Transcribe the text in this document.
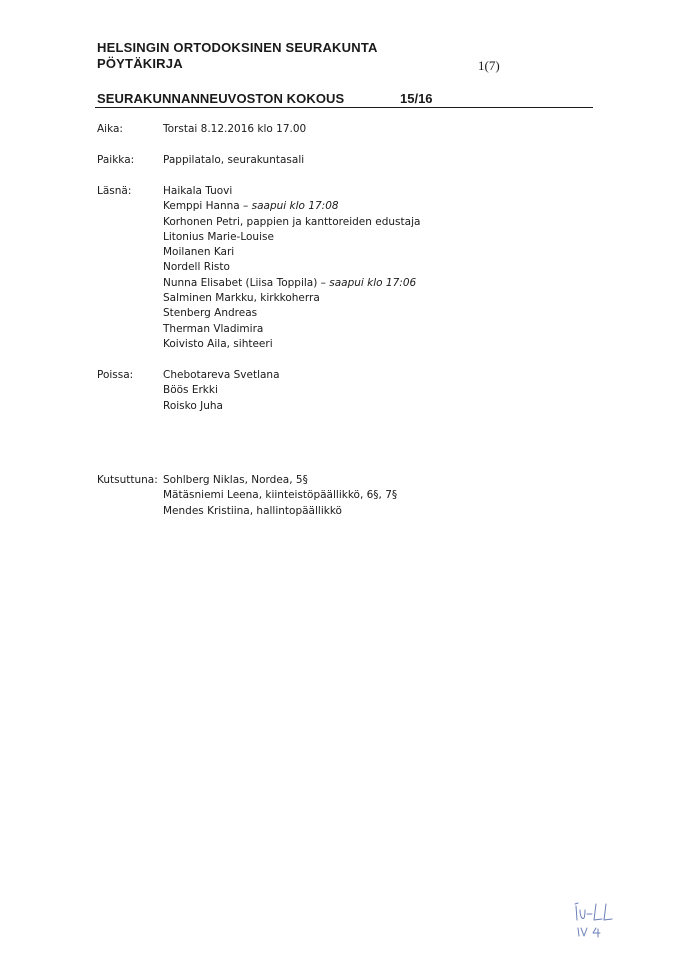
HELSINGIN ORTODOKSINEN SEURAKUNTA
PÖYTÄKIRJA	1(7)
SEURAKUNNANNEUVOSTON KOKOUS	15/16
Aika:	Torstai 8.12.2016 klo 17.00
Paikka:	Pappilatalo, seurakuntasali
Läsnä:	Haikala Tuovi
Kemppi Hanna – saapui klo 17:08
Korhonen Petri, pappien ja kanttoreiden edustaja
Litonius Marie-Louise
Moilanen Kari
Nordell Risto
Nunna Elisabet (Liisa Toppila) – saapui klo 17:06
Salminen Markku, kirkkoherra
Stenberg Andreas
Therman Vladimira
Koivisto Aila, sihteeri
Poissa:	Chebotareva Svetlana
Böös Erkki
Roisko Juha
Kutsuttuna: Sohlberg Niklas, Nordea, 5§
Mätäsniemi Leena, kiinteistöpäällikkö, 6§, 7§
Mendes Kristiina, hallintopäällikkö
